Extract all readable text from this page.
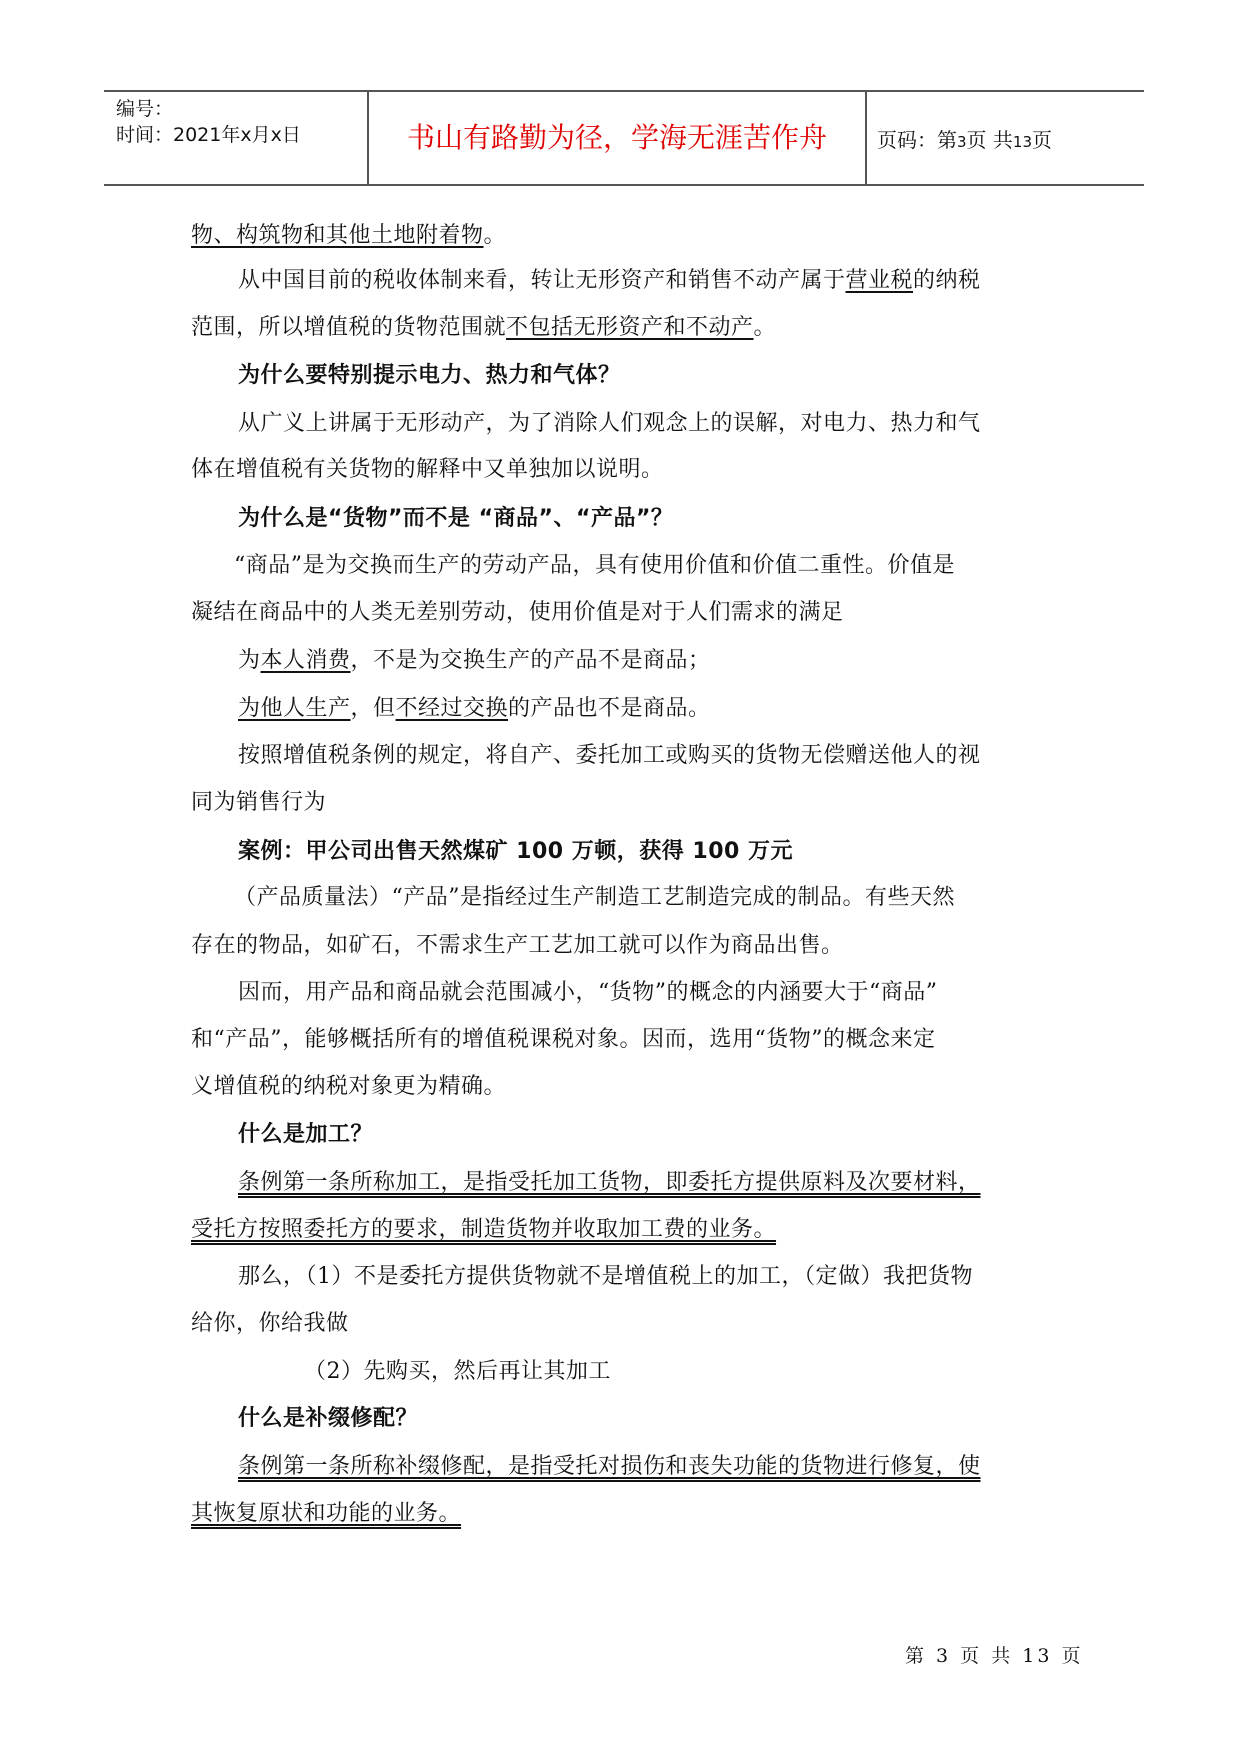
编号：
时间：2021年x月x日	书山有路勤为径，学海无涯苦作舟	页码：第3页 共13页
物、构筑物和其他土地附着物。
从中国目前的税收体制来看，转让无形资产和销售不动产属于营业税的纳税
范围，所以增值税的货物范围就不包括无形资产和不动产。
为什么要特别提示电力、热力和气体？
从广义上讲属于无形动产，为了消除人们观念上的误解，对电力、热力和气
体在增值税有关货物的解释中又单独加以说明。
为什么是“货物”而不是 “商品”、“产品”？
“商品”是为交换而生产的劳动产品，具有使用价值和价值二重性。价值是
凝结在商品中的人类无差别劳动，使用价值是对于人们需求的满足
为本人消费，不是为交换生产的产品不是商品；
为他人生产，但不经过交换的产品也不是商品。
按照增值税条例的规定，将自产、委托加工或购买的货物无偿赠送他人的视
同为销售行为
案例：甲公司出售天然煤矿 100 万顿，获得 100 万元
（产品质量法）“产品”是指经过生产制造工艺制造完成的制品。有些天然
存在的物品，如矿石，不需求生产工艺加工就可以作为商品出售。
因而，用产品和商品就会范围减小，“货物”的概念的内涵要大于“商品”
和“产品”，能够概括所有的增值税课税对象。因而，选用“货物”的概念来定
义增值税的纳税对象更为精确。
什么是加工？
条例第一条所称加工，是指受托加工货物，即委托方提供原料及次要材料，
受托方按照委托方的要求，制造货物并收取加工费的业务。
那么，（1）不是委托方提供货物就不是增值税上的加工，（定做）我把货物
给你，你给我做
（2）先购买，然后再让其加工
什么是补缀修配？
条例第一条所称补缀修配，是指受托对损伤和丧失功能的货物进行修复，使
其恢复原状和功能的业务。
第 3 页 共 13 页
